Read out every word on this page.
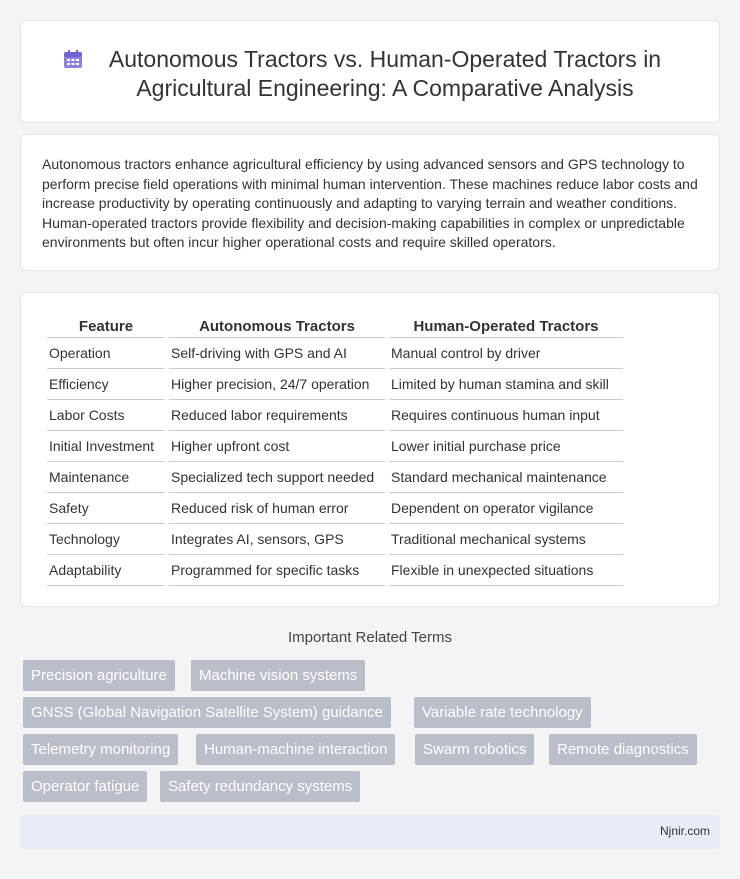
Autonomous Tractors vs. Human-Operated Tractors in Agricultural Engineering: A Comparative Analysis

Autonomous tractors enhance agricultural efficiency by using advanced sensors and GPS technology to perform precise field operations with minimal human intervention. These machines reduce labor costs and increase productivity by operating continuously and adapting to varying terrain and weather conditions. Human-operated tractors provide flexibility and decision-making capabilities in complex or unpredictable environments but often incur higher operational costs and require skilled operators.

Feature	Autonomous Tractors	Human-Operated Tractors
Operation	Self-driving with GPS and AI	Manual control by driver
Efficiency	Higher precision, 24/7 operation	Limited by human stamina and skill
Labor Costs	Reduced labor requirements	Requires continuous human input
Initial Investment	Higher upfront cost	Lower initial purchase price
Maintenance	Specialized tech support needed	Standard mechanical maintenance
Safety	Reduced risk of human error	Dependent on operator vigilance
Technology	Integrates AI, sensors, GPS	Traditional mechanical systems
Adaptability	Programmed for specific tasks	Flexible in unexpected situations
Important Related Terms
Precision agriculture	Machine vision systems
GNSS (Global Navigation Satellite System) guidance	Variable rate technology
Telemetry monitoring	Human-machine interaction	Swarm robotics	Remote diagnostics
Operator fatigue	Safety redundancy systems
Njnir.com
